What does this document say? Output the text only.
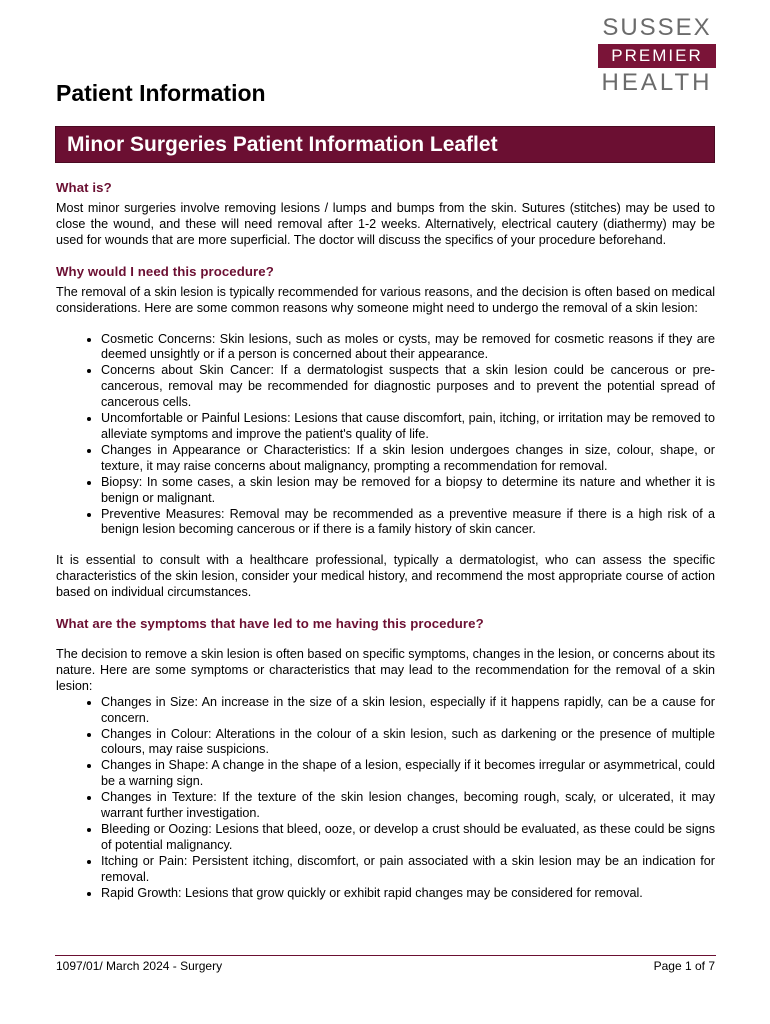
SUSSEX
PREMIER
HEALTH
Patient Information
Minor Surgeries Patient Information Leaflet
What is?

Most minor surgeries involve removing lesions / lumps and bumps from the skin. Sutures (stitches) may be used to close the wound, and these will need removal after 1-2 weeks. Alternatively, electrical cautery (diathermy) may be used for wounds that are more superficial. The doctor will discuss the specifics of your procedure beforehand.

Why would I need this procedure?

The removal of a skin lesion is typically recommended for various reasons, and the decision is often based on medical considerations. Here are some common reasons why someone might need to undergo the removal of a skin lesion:

• Cosmetic Concerns: Skin lesions, such as moles or cysts, may be removed for cosmetic reasons if they are deemed unsightly or if a person is concerned about their appearance.
• Concerns about Skin Cancer: If a dermatologist suspects that a skin lesion could be cancerous or pre-cancerous, removal may be recommended for diagnostic purposes and to prevent the potential spread of cancerous cells.
• Uncomfortable or Painful Lesions: Lesions that cause discomfort, pain, itching, or irritation may be removed to alleviate symptoms and improve the patient's quality of life.
• Changes in Appearance or Characteristics: If a skin lesion undergoes changes in size, colour, shape, or texture, it may raise concerns about malignancy, prompting a recommendation for removal.
• Biopsy: In some cases, a skin lesion may be removed for a biopsy to determine its nature and whether it is benign or malignant.
• Preventive Measures: Removal may be recommended as a preventive measure if there is a high risk of a benign lesion becoming cancerous or if there is a family history of skin cancer.

It is essential to consult with a healthcare professional, typically a dermatologist, who can assess the specific characteristics of the skin lesion, consider your medical history, and recommend the most appropriate course of action based on individual circumstances.

What are the symptoms that have led to me having this procedure?

The decision to remove a skin lesion is often based on specific symptoms, changes in the lesion, or concerns about its nature. Here are some symptoms or characteristics that may lead to the recommendation for the removal of a skin lesion:

• Changes in Size: An increase in the size of a skin lesion, especially if it happens rapidly, can be a cause for concern.
• Changes in Colour: Alterations in the colour of a skin lesion, such as darkening or the presence of multiple colours, may raise suspicions.
• Changes in Shape: A change in the shape of a lesion, especially if it becomes irregular or asymmetrical, could be a warning sign.
• Changes in Texture: If the texture of the skin lesion changes, becoming rough, scaly, or ulcerated, it may warrant further investigation.
• Bleeding or Oozing: Lesions that bleed, ooze, or develop a crust should be evaluated, as these could be signs of potential malignancy.
• Itching or Pain: Persistent itching, discomfort, or pain associated with a skin lesion may be an indication for removal.
• Rapid Growth: Lesions that grow quickly or exhibit rapid changes may be considered for removal.
1097/01/ March 2024 - Surgery	Page 1 of 7
